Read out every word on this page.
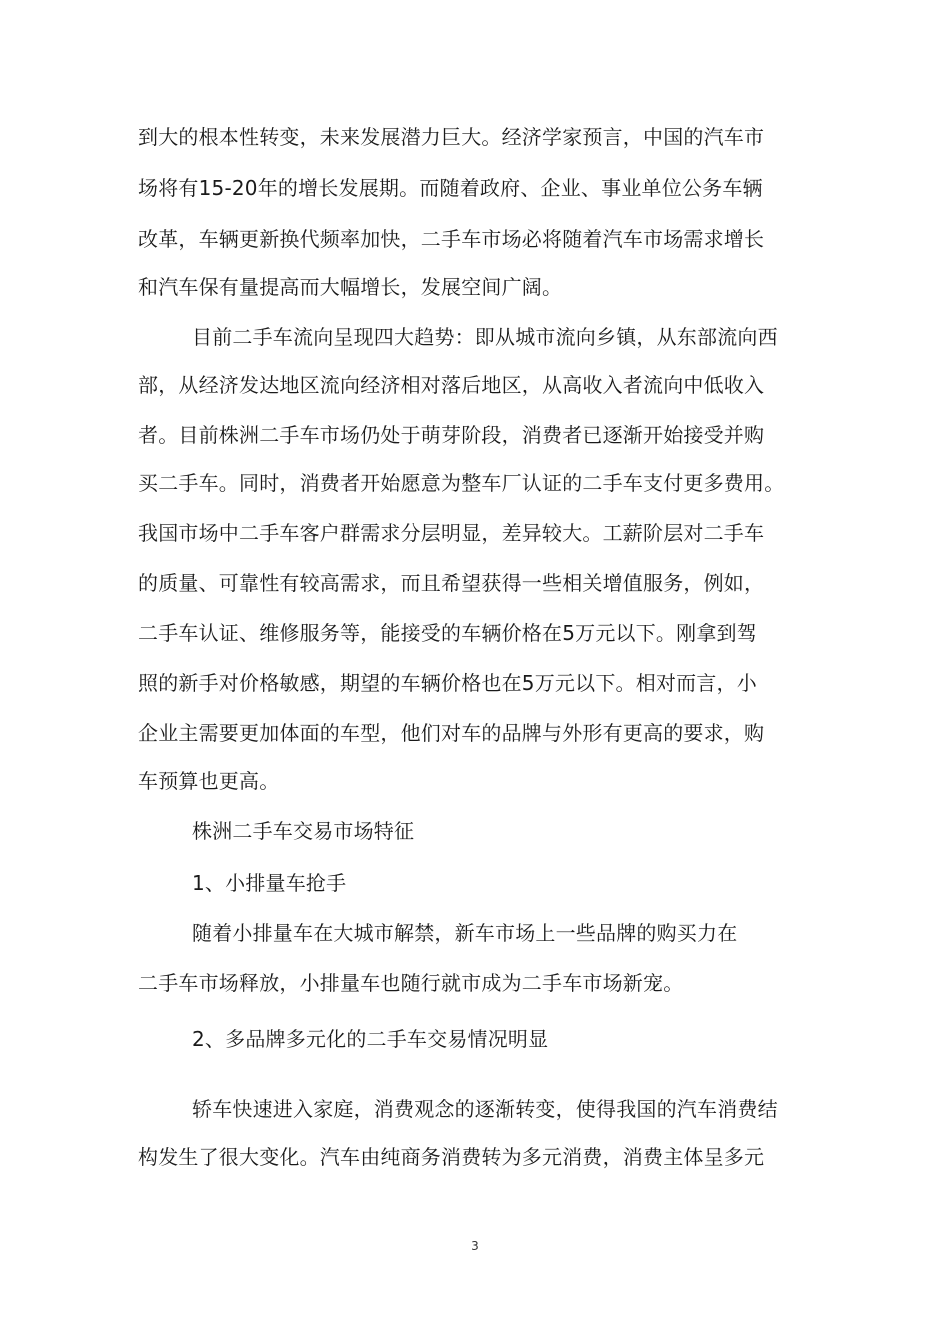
到大的根本性转变，未来发展潜力巨大。经济学家预言，中国的汽车市
场将有15-20年的增长发展期。而随着政府、企业、事业单位公务车辆
改革，车辆更新换代频率加快，二手车市场必将随着汽车市场需求增长
和汽车保有量提高而大幅增长，发展空间广阔。
目前二手车流向呈现四大趋势：即从城市流向乡镇，从东部流向西
部，从经济发达地区流向经济相对落后地区，从高收入者流向中低收入
者。目前株洲二手车市场仍处于萌芽阶段，消费者已逐渐开始接受并购
买二手车。同时，消费者开始愿意为整车厂认证的二手车支付更多费用。
我国市场中二手车客户群需求分层明显，差异较大。工薪阶层对二手车
的质量、可靠性有较高需求，而且希望获得一些相关增值服务，例如，
二手车认证、维修服务等，能接受的车辆价格在5万元以下。刚拿到驾
照的新手对价格敏感，期望的车辆价格也在5万元以下。相对而言，小
企业主需要更加体面的车型，他们对车的品牌与外形有更高的要求，购
车预算也更高。
株洲二手车交易市场特征
1、小排量车抢手
随着小排量车在大城市解禁，新车市场上一些品牌的购买力在
二手车市场释放，小排量车也随行就市成为二手车市场新宠。
2、多品牌多元化的二手车交易情况明显
轿车快速进入家庭，消费观念的逐渐转变，使得我国的汽车消费结
构发生了很大变化。汽车由纯商务消费转为多元消费，消费主体呈多元
3
